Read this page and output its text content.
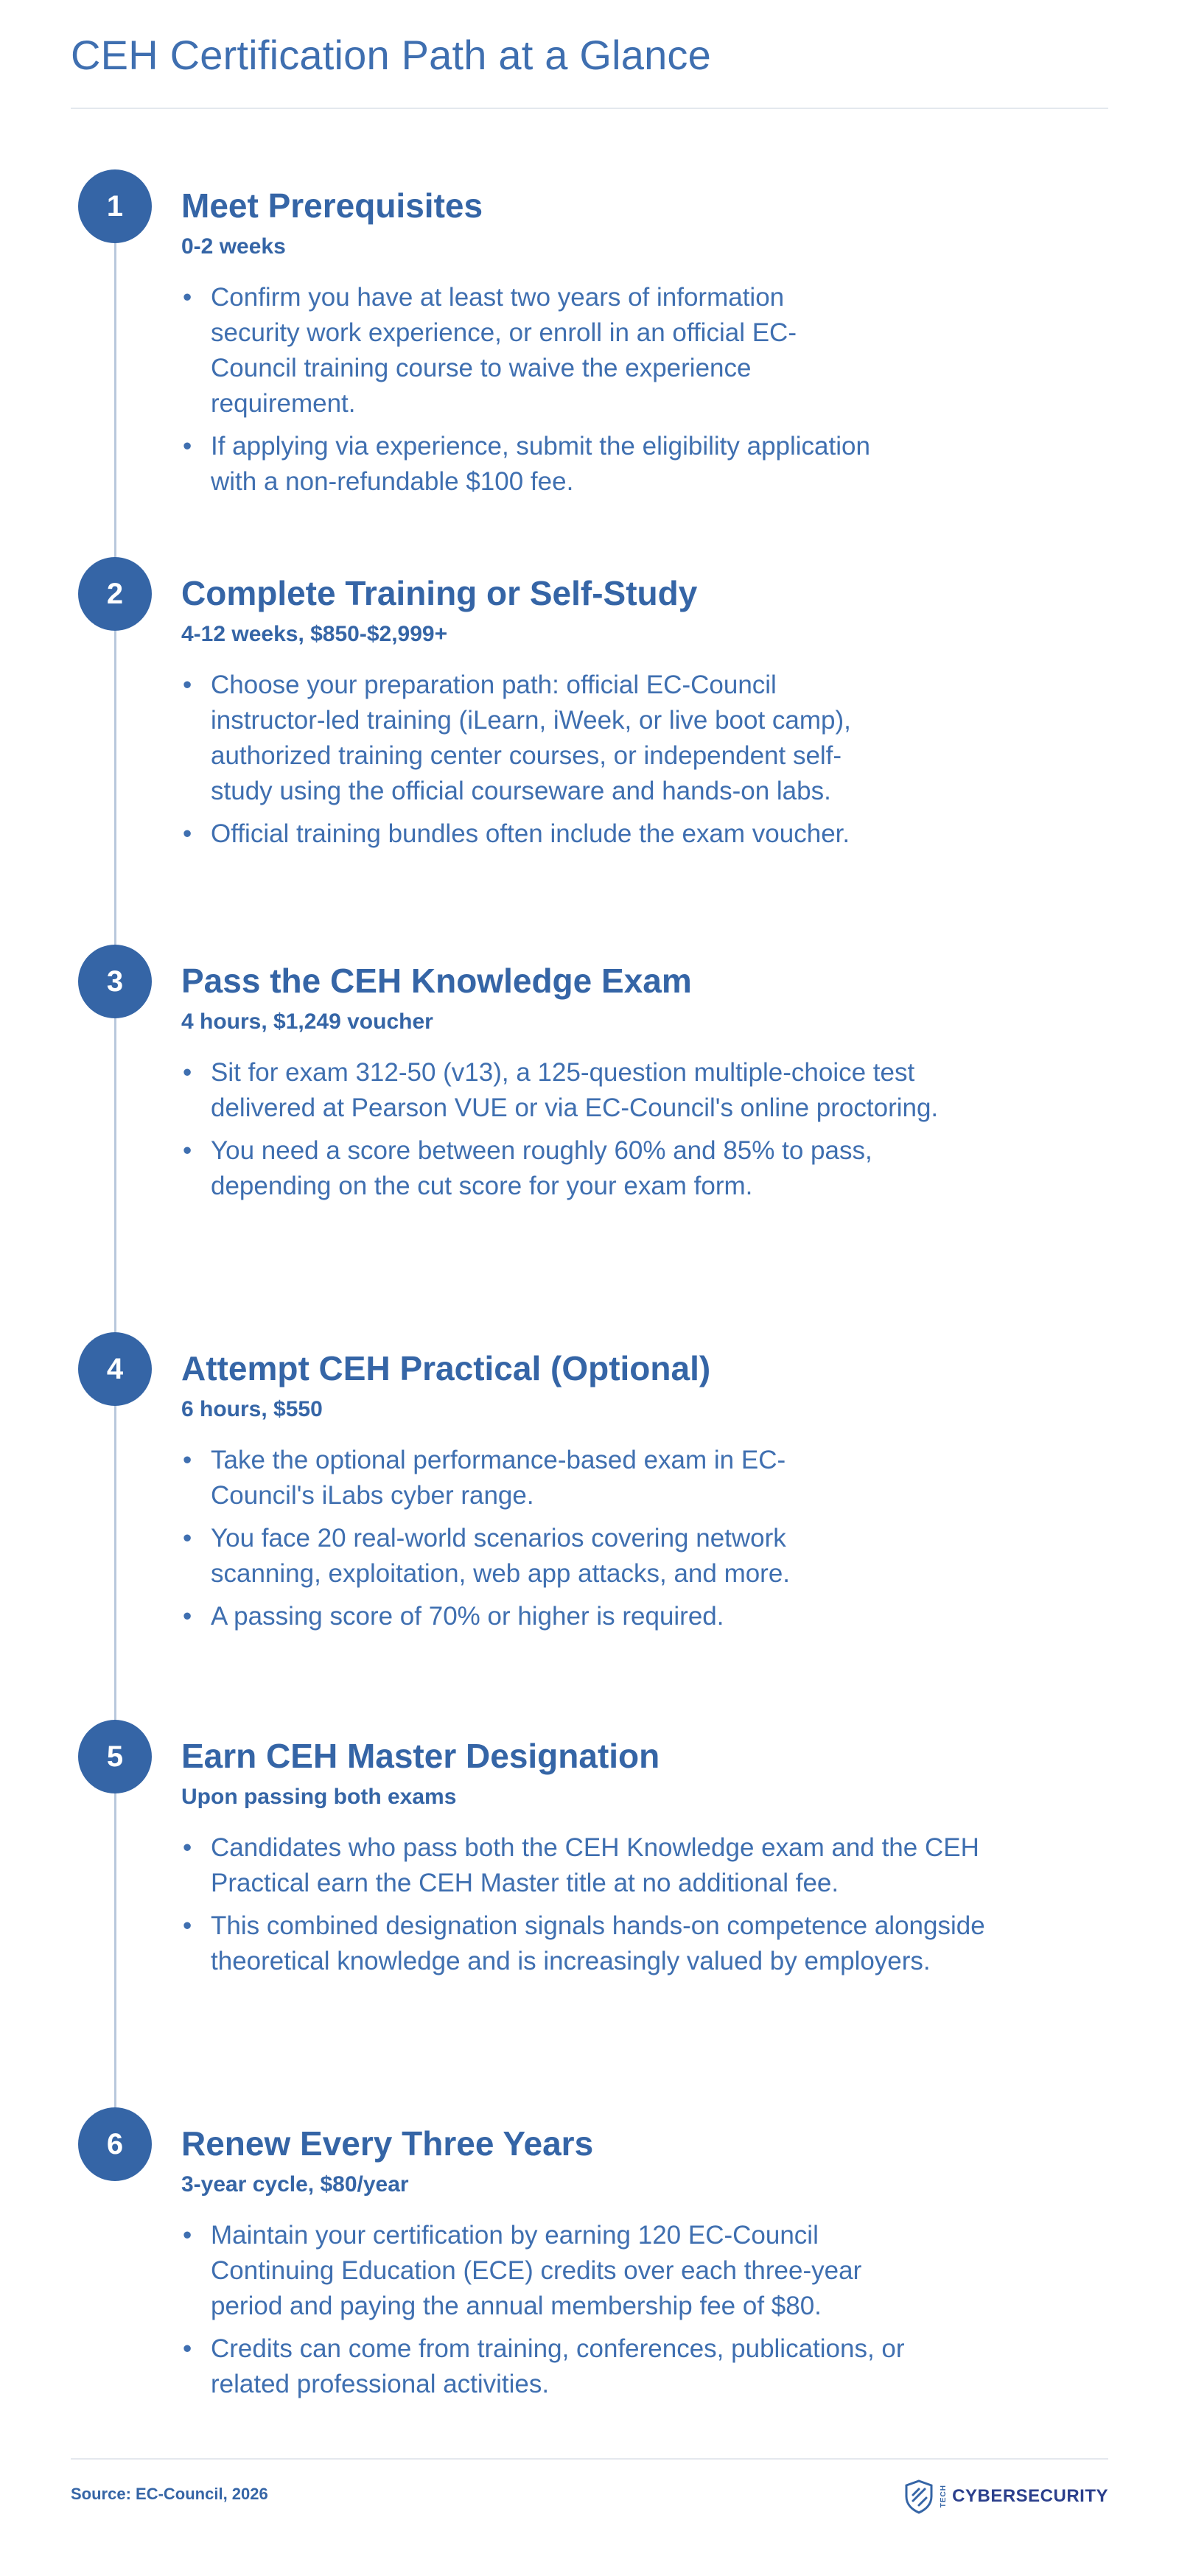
CEH Certification Path at a Glance
1	Meet Prerequisites
0-2 weeks
• Confirm you have at least two years of information security work experience, or enroll in an official EC-Council training course to waive the experience requirement.
• If applying via experience, submit the eligibility application with a non-refundable $100 fee.
2	Complete Training or Self-Study
4-12 weeks, $850-$2,999+
• Choose your preparation path: official EC-Council instructor-led training (iLearn, iWeek, or live boot camp), authorized training center courses, or independent self-study using the official courseware and hands-on labs.
• Official training bundles often include the exam voucher.
3	Pass the CEH Knowledge Exam
4 hours, $1,249 voucher
• Sit for exam 312-50 (v13), a 125-question multiple-choice test delivered at Pearson VUE or via EC-Council's online proctoring.
• You need a score between roughly 60% and 85% to pass, depending on the cut score for your exam form.
4	Attempt CEH Practical (Optional)
6 hours, $550
• Take the optional performance-based exam in EC-Council's iLabs cyber range.
• You face 20 real-world scenarios covering network scanning, exploitation, web app attacks, and more.
• A passing score of 70% or higher is required.
5	Earn CEH Master Designation
Upon passing both exams
• Candidates who pass both the CEH Knowledge exam and the CEH Practical earn the CEH Master title at no additional fee.
• This combined designation signals hands-on competence alongside theoretical knowledge and is increasingly valued by employers.
6	Renew Every Three Years
3-year cycle, $80/year
• Maintain your certification by earning 120 EC-Council Continuing Education (ECE) credits over each three-year period and paying the annual membership fee of $80.
• Credits can come from training, conferences, publications, or related professional activities.
Source: EC-Council, 2026	TECH CYBERSECURITY
